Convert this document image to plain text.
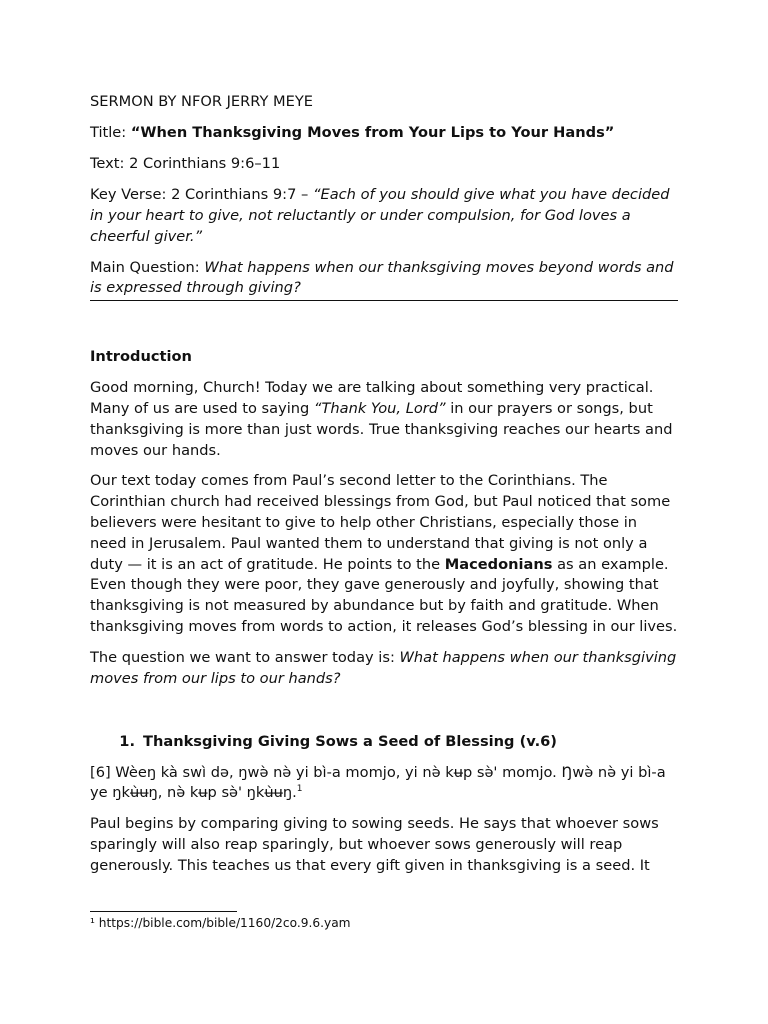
SERMON BY NFOR JERRY MEYE

Title: “When Thanksgiving Moves from Your Lips to Your Hands”

Text: 2 Corinthians 9:6–11

Key Verse: 2 Corinthians 9:7 – “Each of you should give what you have decided in your heart to give, not reluctantly or under compulsion, for God loves a cheerful giver.”

Main Question: What happens when our thanksgiving moves beyond words and is expressed through giving?

Introduction

Good morning, Church! Today we are talking about something very practical. Many of us are used to saying “Thank You, Lord” in our prayers or songs, but thanksgiving is more than just words. True thanksgiving reaches our hearts and moves our hands.

Our text today comes from Paul’s second letter to the Corinthians. The Corinthian church had received blessings from God, but Paul noticed that some believers were hesitant to give to help other Christians, especially those in need in Jerusalem. Paul wanted them to understand that giving is not only a duty — it is an act of gratitude. He points to the Macedonians as an example. Even though they were poor, they gave generously and joyfully, showing that thanksgiving is not measured by abundance but by faith and gratitude. When thanksgiving moves from words to action, it releases God’s blessing in our lives.

The question we want to answer today is: What happens when our thanksgiving moves from our lips to our hands?

1. Thanksgiving Giving Sows a Seed of Blessing (v.6)

[6] Wèeŋ kà swì də, ŋwə̀ nə̀ yi bì-a momjo, yi nə̀ kʉp sə̀' momjo. Ŋwə̀ nə̀ yi bì-a ye ŋkʉ̀ʉŋ, nə̀ kʉp sə̀' ŋkʉ̀ʉŋ.$^1$

Paul begins by comparing giving to sowing seeds. He says that whoever sows sparingly will also reap sparingly, but whoever sows generously will reap generously. This teaches us that every gift given in thanksgiving is a seed. It

¹ https://bible.com/bible/1160/2co.9.6.yam
